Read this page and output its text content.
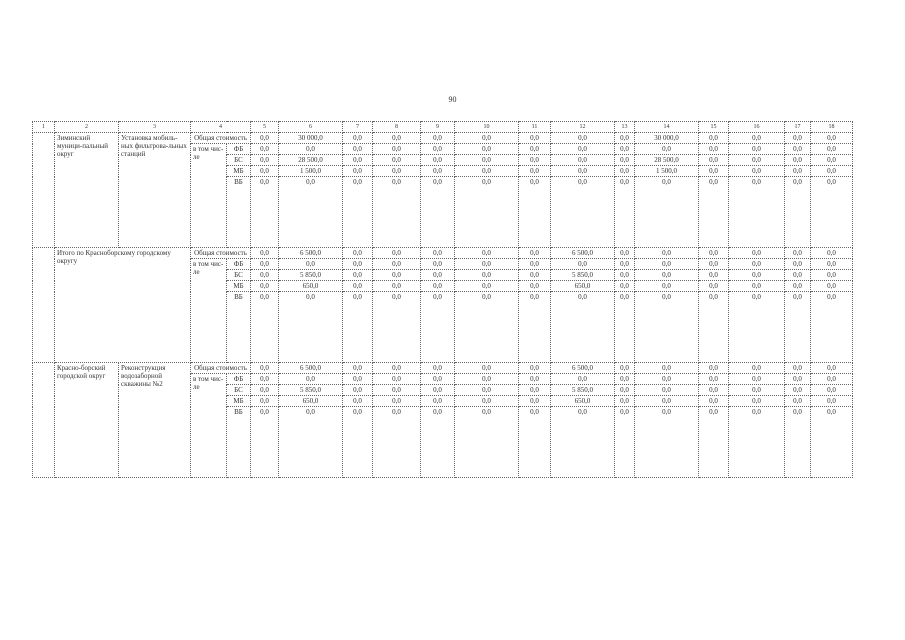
90
1	2	3	4		5	6	7	8	9	10	11	12	13	14	15	16	17	18
	Зиминский муници-пальный округ	Установка мобиль-ных фильтрова-льных станций	Общая стоимость		0,0	30 000,0	0,0	0,0	0,0	0,0	0,0	0,0	0,0	30 000,0	0,0	0,0	0,0	0,0
			в том чис-ле	ФБ	0,0	0,0	0,0	0,0	0,0	0,0	0,0	0,0	0,0	0,0	0,0	0,0	0,0	0,0
				БС	0,0	28 500,0	0,0	0,0	0,0	0,0	0,0	0,0	0,0	28 500,0	0,0	0,0	0,0	0,0
				МБ	0,0	1 500,0	0,0	0,0	0,0	0,0	0,0	0,0	0,0	1 500,0	0,0	0,0	0,0	0,0
				ВБ	0,0	0,0	0,0	0,0	0,0	0,0	0,0	0,0	0,0	0,0	0,0	0,0	0,0	0,0
	Итого по Красноборскому городскому округу		Общая стоимость		0,0	6 500,0	0,0	0,0	0,0	0,0	0,0	6 500,0	0,0	0,0	0,0	0,0	0,0	0,0
			в том чис-ле	ФБ	0,0	0,0	0,0	0,0	0,0	0,0	0,0	0,0	0,0	0,0	0,0	0,0	0,0	0,0
				БС	0,0	5 850,0	0,0	0,0	0,0	0,0	0,0	5 850,0	0,0	0,0	0,0	0,0	0,0	0,0
				МБ	0,0	650,0	0,0	0,0	0,0	0,0	0,0	650,0	0,0	0,0	0,0	0,0	0,0	0,0
				ВБ	0,0	0,0	0,0	0,0	0,0	0,0	0,0	0,0	0,0	0,0	0,0	0,0	0,0	0,0
	Красно-борский городской округ	Реконструкция водозаборной скважины №2	Общая стоимость		0,0	6 500,0	0,0	0,0	0,0	0,0	0,0	6 500,0	0,0	0,0	0,0	0,0	0,0	0,0
			в том чис-ле	ФБ	0,0	0,0	0,0	0,0	0,0	0,0	0,0	0,0	0,0	0,0	0,0	0,0	0,0	0,0
				БС	0,0	5 850,0	0,0	0,0	0,0	0,0	0,0	5 850,0	0,0	0,0	0,0	0,0	0,0	0,0
				МБ	0,0	650,0	0,0	0,0	0,0	0,0	0,0	650,0	0,0	0,0	0,0	0,0	0,0	0,0
				ВБ	0,0	0,0	0,0	0,0	0,0	0,0	0,0	0,0	0,0	0,0	0,0	0,0	0,0	0,0
